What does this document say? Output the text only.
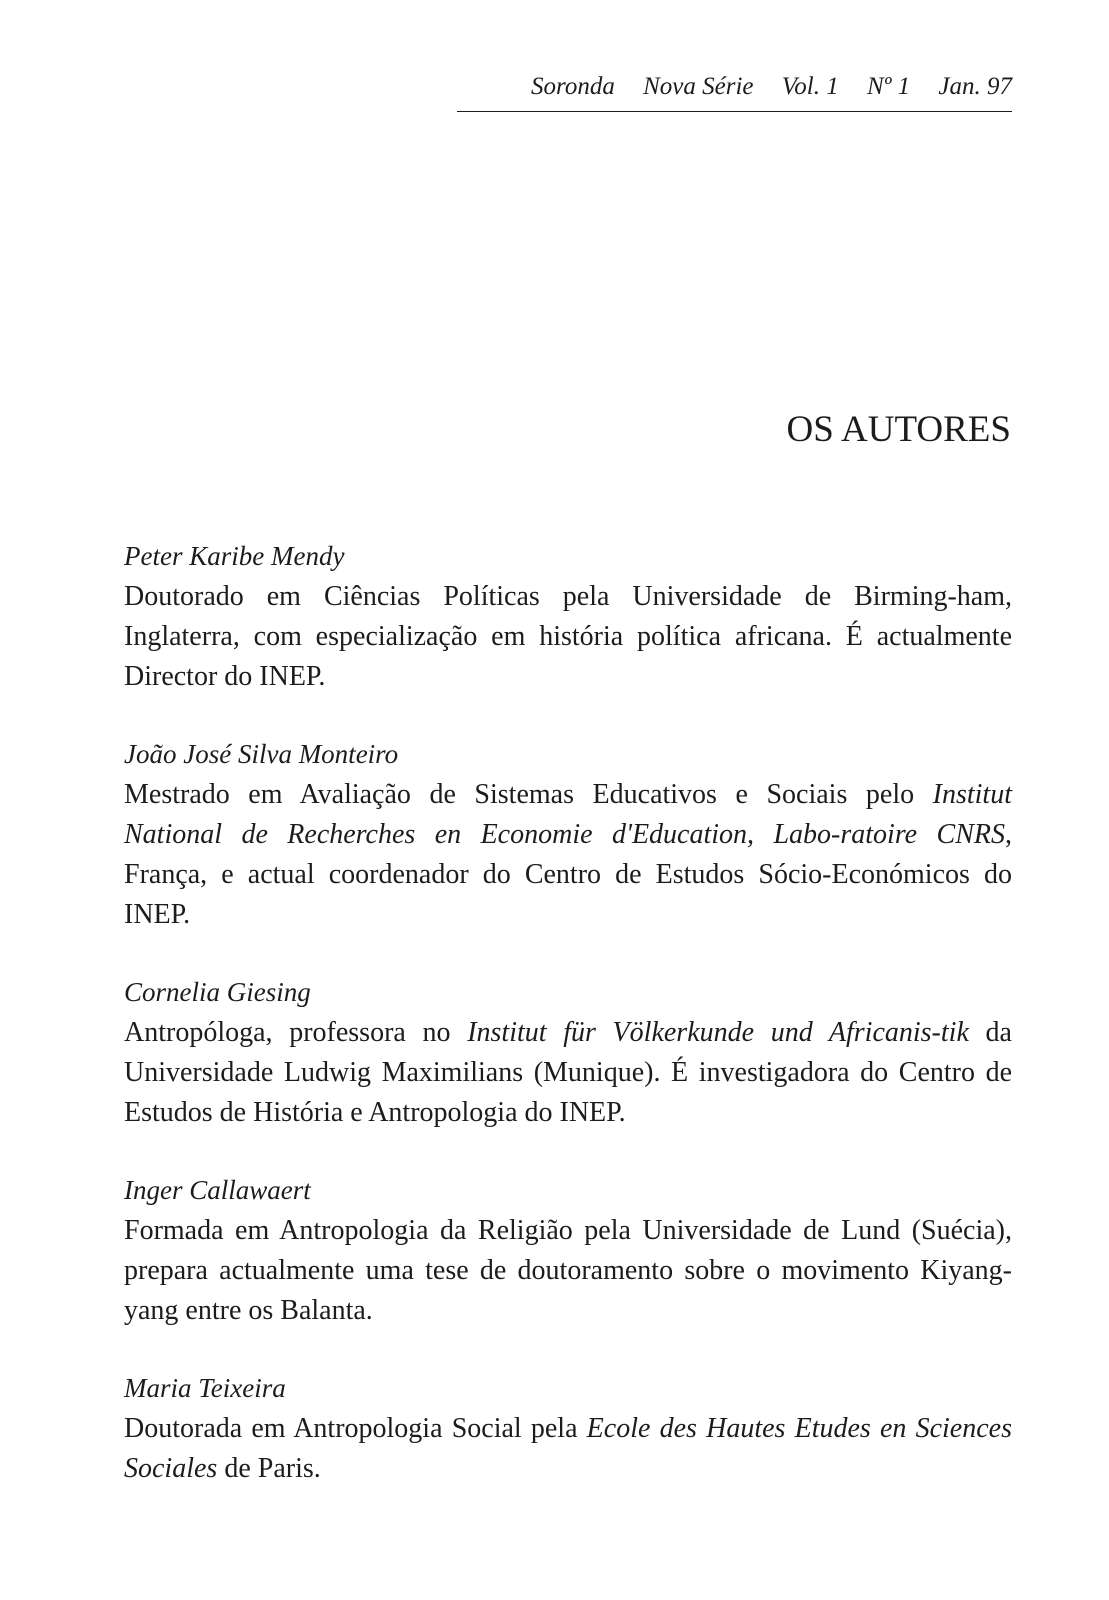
Soronda Nova Série Vol. 1 Nº 1 Jan. 97
OS AUTORES
Peter Karibe Mendy
Doutorado em Ciências Políticas pela Universidade de Birming-ham, Inglaterra, com especialização em história política africana. É actualmente Director do INEP.
João José Silva Monteiro
Mestrado em Avaliação de Sistemas Educativos e Sociais pelo Institut National de Recherches en Economie d'Education, Labo-ratoire CNRS, França, e actual coordenador do Centro de Estudos Sócio-Económicos do INEP.
Cornelia Giesing
Antropóloga, professora no Institut für Völkerkunde und Africanis-tik da Universidade Ludwig Maximilians (Munique). É investigadora do Centro de Estudos de História e Antropologia do INEP.
Inger Callawaert
Formada em Antropologia da Religião pela Universidade de Lund (Suécia), prepara actualmente uma tese de doutoramento sobre o movimento Kiyang-yang entre os Balanta.
Maria Teixeira
Doutorada em Antropologia Social pela Ecole des Hautes Etudes en Sciences Sociales de Paris.
